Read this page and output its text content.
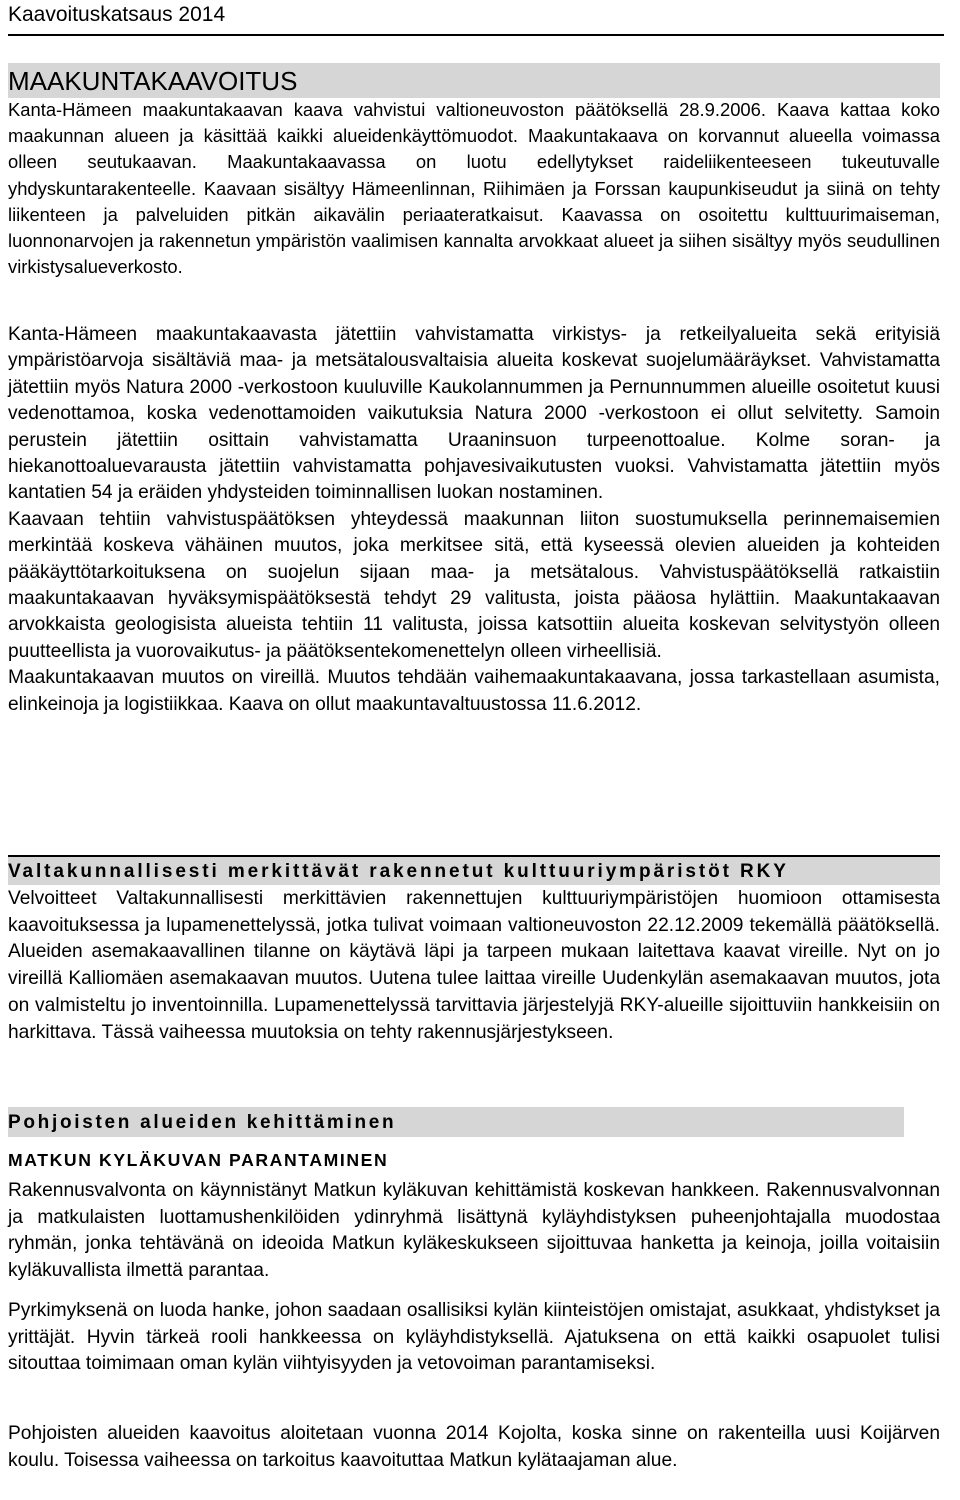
Kaavoituskatsaus 2014
MAAKUNTAKAAVOITUS

Kanta-Hämeen maakuntakaavan kaava vahvistui valtioneuvoston päätöksellä 28.9.2006. Kaava kattaa koko maakunnan alueen ja käsittää kaikki alueidenkäyttömuodot. Maakuntakaava on korvannut alueella voimassa olleen seutukaavan. Maakuntakaavassa on luotu edellytykset raideliikenteeseen tukeutuvalle yhdyskuntarakenteelle. Kaavaan sisältyy Hämeenlinnan, Riihimäen ja Forssan kaupunkiseudut ja siinä on tehty liikenteen ja palveluiden pitkän aikavälin periaateratkaisut. Kaavassa on osoitettu kulttuurimaiseman, luonnonarvojen ja rakennetun ympäristön vaalimisen kannalta arvokkaat alueet ja siihen sisältyy myös seudullinen virkistysalueverkosto.

Kanta-Hämeen maakuntakaavasta jätettiin vahvistamatta virkistys- ja retkeilyalueita sekä erityisiä ympäristöarvoja sisältäviä maa- ja metsätalousvaltaisia alueita koskevat suojelumääräykset. Vahvistamatta jätettiin myös Natura 2000 -verkostoon kuuluville Kaukolannummen ja Pernunnummen alueille osoitetut kuusi vedenottamoa, koska vedenottamoiden vaikutuksia Natura 2000 -verkostoon ei ollut selvitetty. Samoin perustein jätettiin osittain vahvistamatta Uraaninsuon turpeenottoalue. Kolme soran- ja hiekanottoaluevarausta jätettiin vahvistamatta pohjavesivaikutusten vuoksi. Vahvistamatta jätettiin myös kantatien 54 ja eräiden yhdysteiden toiminnallisen luokan nostaminen.

Kaavaan tehtiin vahvistuspäätöksen yhteydessä maakunnan liiton suostumuksella perinnemaisemien merkintää koskeva vähäinen muutos, joka merkitsee sitä, että kyseessä olevien alueiden ja kohteiden pääkäyttötarkoituksena on suojelun sijaan maa- ja metsätalous. Vahvistuspäätöksellä ratkaistiin maakuntakaavan hyväksymispäätöksestä tehdyt 29 valitusta, joista pääosa hylättiin. Maakuntakaavan arvokkaista geologisista alueista tehtiin 11 valitusta, joissa katsottiin alueita koskevan selvitystyön olleen puutteellista ja vuorovaikutus- ja päätöksentekomenettelyn olleen virheellisiä.

Maakuntakaavan muutos on vireillä. Muutos tehdään vaihemaakuntakaavana, jossa tarkastellaan asumista, elinkeinoja ja logistiikkaa. Kaava on ollut maakuntavaltuustossa 11.6.2012.

Valtakunnallisesti merkittävät rakennetut kulttuuriympäristöt RKY

Velvoitteet Valtakunnallisesti merkittävien rakennettujen kulttuuriympäristöjen huomioon ottamisesta kaavoituksessa ja lupamenettelyssä, jotka tulivat voimaan valtioneuvoston 22.12.2009 tekemällä päätöksellä. Alueiden asemakaavallinen tilanne on käytävä läpi ja tarpeen mukaan laitettava kaavat vireille. Nyt on jo vireillä Kalliomäen asemakaavan muutos. Uutena tulee laittaa vireille Uudenkylän asemakaavan muutos, jota on valmisteltu jo inventoinnilla. Lupamenettelyssä tarvittavia järjestelyjä RKY-alueille sijoittuviin hankkeisiin on harkittava. Tässä vaiheessa muutoksia on tehty rakennusjärjestykseen.

Pohjoisten alueiden kehittäminen
MATKUN KYLÄKUVAN PARANTAMINEN

Rakennusvalvonta on käynnistänyt Matkun kyläkuvan kehittämistä koskevan hankkeen. Rakennusvalvonnan ja matkulaisten luottamushenkilöiden ydinryhmä lisättynä kyläyhdistyksen puheenjohtajalla muodostaa ryhmän, jonka tehtävänä on ideoida Matkun kyläkeskukseen sijoittuvaa hanketta ja keinoja, joilla voitaisiin kyläkuvallista ilmettä parantaa.

Pyrkimyksenä on luoda hanke, johon saadaan osallisiksi kylän kiinteistöjen omistajat, asukkaat, yhdistykset ja yrittäjät. Hyvin tärkeä rooli hankkeessa on kyläyhdistyksellä. Ajatuksena on että kaikki osapuolet tulisi sitouttaa toimimaan oman kylän viihtyisyyden ja vetovoiman parantamiseksi.

Pohjoisten alueiden kaavoitus aloitetaan vuonna 2014 Kojolta, koska sinne on rakenteilla uusi Koijärven koulu. Toisessa vaiheessa on tarkoitus kaavoituttaa Matkun kylätaajaman alue.
